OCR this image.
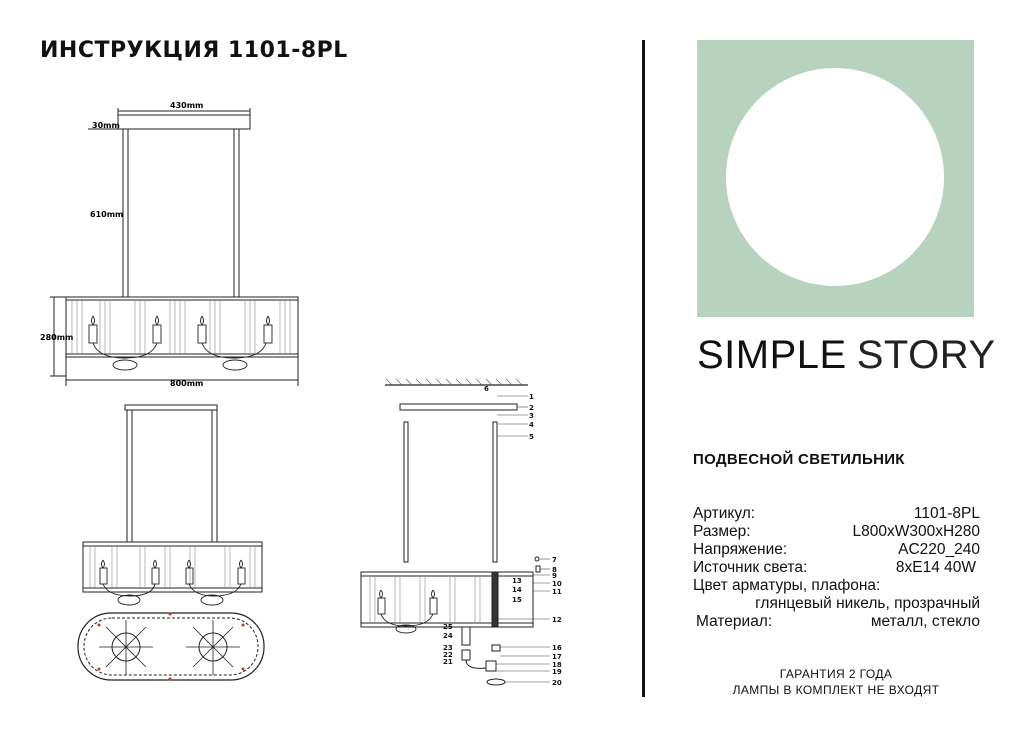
ИНСТРУКЦИЯ 1101-8PL
430mm
30mm
610mm
280mm
800mm
1
2
3
4
5
6
7
8
9
10
11
12
13
14
15
16
17
18
19
20
21
22
23
24
25
SIMPLE STORY
ПОДВЕСНОЙ СВЕТИЛЬНИК
Артикул:	1101-8PL
Размер:	L800xW300xH280
Напряжение:	AC220_240
Источник света:	8xE14 40W
Цвет арматуры, плафона:
глянцевый никель, прозрачный
Материал:	металл, стекло
ГАРАНТИЯ 2 ГОДА
ЛАМПЫ В КОМПЛЕКТ НЕ ВХОДЯТ
